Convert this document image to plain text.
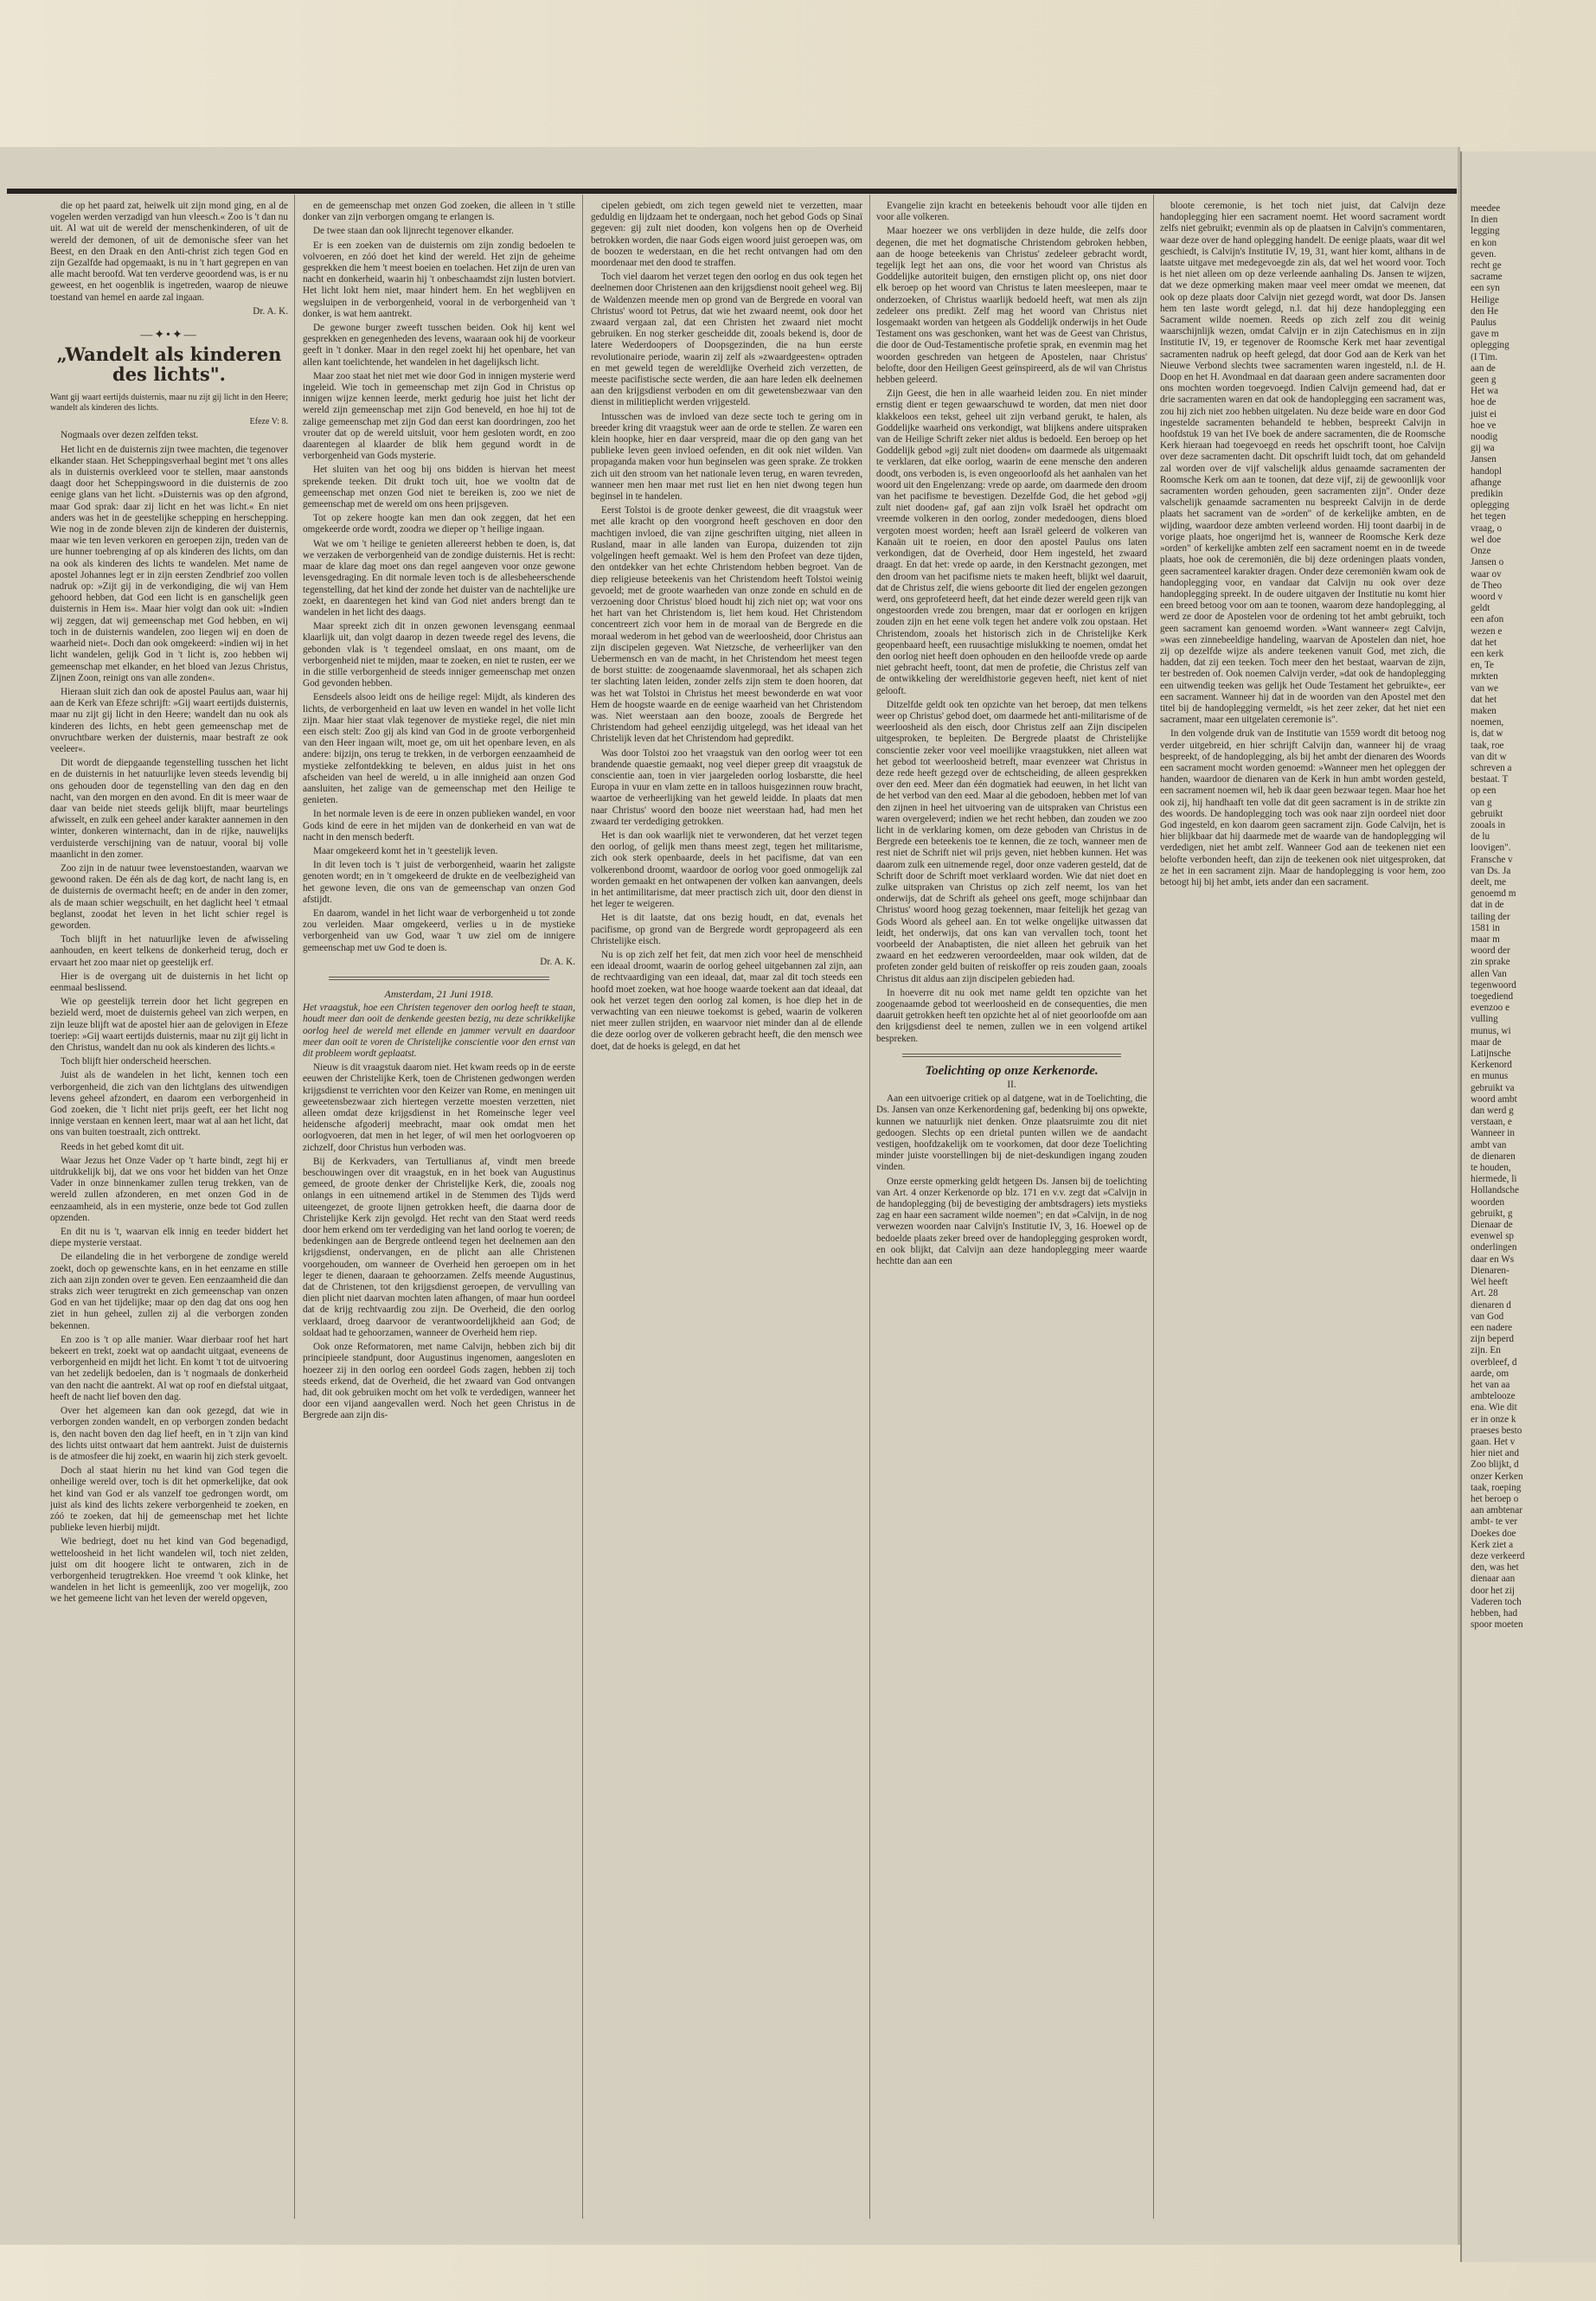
die op het paard zat, heiwelk uit zijn mond ging, en al de vogelen werden verzadigd van hun vleesch.« Zoo is 't dan nu uit. Al wat uit de wereld der menschenkinderen, of uit de wereld der demonen, of uit de demonische sfeer van het Beest, en den Draak en den Anti-christ zich tegen God en zijn Gezalfde had opgemaakt, is nu in 't hart gegrepen en van alle macht beroofd. Wat ten verderve geoordend was, is er nu geweest, en het oogenblik is ingetreden, waarop de nieuwe toestand van hemel en aarde zal ingaan.

Dr. A. K.

—✦•✦—
„Wandelt als kinderen des lichts".

Want gij waart eertijds duisternis, maar nu zijt gij licht in den Heere; wandelt als kinderen des lichts.

Efeze V: 8.

Nogmaals over dezen zelfden tekst.

Het licht en de duisternis zijn twee machten, die tegenover elkander staan. Het Scheppingsverhaal begint met 't ons alles als in duisternis overkleed voor te stellen, maar aanstonds daagt door het Scheppingswoord in die duisternis de zoo eenige glans van het licht. »Duisternis was op den afgrond, maar God sprak: daar zij licht en het was licht.« En niet anders was het in de geestelijke schepping en herschepping. Wie nog in de zonde bleven zijn de kinderen der duisternis, maar wie ten leven verkoren en geroepen zijn, treden van de ure hunner toebrenging af op als kinderen des lichts, om dan na ook als kinderen des lichts te wandelen. Met name de apostel Johannes legt er in zijn eersten Zendbrief zoo vollen nadruk op: »Zijt gij in de verkondiging, die wij van Hem gehoord hebben, dat God een licht is en ganschelijk geen duisternis in Hem is«. Maar hier volgt dan ook uit: »Indien wij zeggen, dat wij gemeenschap met God hebben, en wij toch in de duisternis wandelen, zoo liegen wij en doen de waarheid niet«. Doch dan ook omgekeerd: »indien wij in het licht wandelen, gelijk God in 't licht is, zoo hebben wij gemeenschap met elkander, en het bloed van Jezus Christus, Zijnen Zoon, reinigt ons van alle zonden«.

Hieraan sluit zich dan ook de apostel Paulus aan, waar hij aan de Kerk van Efeze schrijft: »Gij waart eertijds duisternis, maar nu zijt gij licht in den Heere; wandelt dan nu ook als kinderen des lichts, en hebt geen gemeenschap met de onvruchtbare werken der duisternis, maar bestraft ze ook veeleer«.

Dit wordt de diepgaande tegenstelling tusschen het licht en de duisternis in het natuurlijke leven steeds levendig bij ons gehouden door de tegenstelling van den dag en den nacht, van den morgen en den avond. En dit is meer waar de daar van beide niet steeds gelijk blijft, maar beurtelings afwisselt, en zulk een geheel ander karakter aannemen in den winter, donkeren winternacht, dan in de rijke, nauwelijks verduisterde verschijning van de natuur, vooral bij volle maanlicht in den zomer.

Zoo zijn in de natuur twee levenstoestanden, waarvan we gewoond raken. De één als de dag kort, de nacht lang is, en de duisternis de overmacht heeft; en de ander in den zomer, als de maan schier wegschuilt, en het daglicht heel 't etmaal beglanst, zoodat het leven in het licht schier regel is geworden.

Toch blijft in het natuurlijke leven de afwisseling aanhouden, en keert telkens de donkerheid terug, doch er ervaart het zoo maar niet op geestelijk erf.

Hier is de overgang uit de duisternis in het licht op eenmaal beslissend.

Wie op geestelijk terrein door het licht gegrepen en bezield werd, moet de duisternis geheel van zich werpen, en zijn leuze blijft wat de apostel hier aan de gelovigen in Efeze toeriep: »Gij waart eertijds duisternis, maar nu zijt gij licht in den Christus, wandelt dan nu ook als kinderen des lichts.«

Toch blijft hier onderscheid heerschen.

Juist als de wandelen in het licht, kennen toch een verborgenheid, die zich van den lichtglans des uitwendigen levens geheel afzondert, en daarom een verborgenheid in God zoeken, die 't licht niet prijs geeft, eer het licht nog innige verstaan en kennen leert, maar wat al aan het licht, dat ons van buiten toestraalt, zich onttrekt.

Reeds in het gebed komt dit uit.

Waar Jezus het Onze Vader op 't harte bindt, zegt hij er uitdrukkelijk bij, dat we ons voor het bidden van het Onze Vader in onze binnenkamer zullen terug trekken, van de wereld zullen afzonderen, en met onzen God in de eenzaamheid, als in een mysterie, onze bede tot God zullen opzenden.

En dit nu is 't, waarvan elk innig en teeder biddert het diepe mysterie verstaat.

De eilandeling die in het verborgene de zondige wereld zoekt, doch op gewenschte kans, en in het eenzame en stille zich aan zijn zonden over te geven. Een eenzaamheid die dan straks zich weer terugtrekt en zich gemeenschap van onzen God en van het tijdelijke; maar op den dag dat ons oog hen ziet in hun geheel, zullen zij al die verborgen zonden bekennen.

En zoo is 't op alle manier. Waar dierbaar roof het hart bekeert en trekt, zoekt wat op aandacht uitgaat, eveneens de verborgenheid en mijdt het licht. En komt 't tot de uitvoering van het zedelijk bedoelen, dan is 't nogmaals de donkerheid van den nacht die aantrekt. Al wat op roof en diefstal uitgaat, heeft de nacht lief boven den dag.

Over het algemeen kan dan ook gezegd, dat wie in verborgen zonden wandelt, en op verborgen zonden bedacht is, den nacht boven den dag lief heeft, en in 't zijn van kind des lichts uitst ontwaart dat hem aantrekt. Juist de duisternis is de atmosfeer die hij zoekt, en waarin hij zich sterk gevoelt.

Doch al staat hierin nu het kind van God tegen die onheilige wereld over, toch is dit het opmerkelijke, dat ook het kind van God er als vanzelf toe gedrongen wordt, om juist als kind des lichts zekere verborgenheid te zoeken, en zóó te zoeken, dat hij de gemeenschap met het lichte publieke leven hierbij mijdt.

Wie bedriegt, doet nu het kind van God begenadigd, wetteloosheid in het licht wandelen wil, toch niet zelden, juist om dit hoogere licht te ontwaren, zich in de verborgenheid terugtrekken. Hoe vreemd 't ook klinke, het wandelen in het licht is gemeenlijk, zoo ver mogelijk, zoo we het gemeene licht van het leven der wereld opgeven,

en de gemeenschap met onzen God zoeken, die alleen in 't stille donker van zijn verborgen omgang te erlangen is.

De twee staan dan ook lijnrecht tegenover elkander.

Er is een zoeken van de duisternis om zijn zondig bedoelen te volvoeren, en zóó doet het kind der wereld. Het zijn de geheime gesprekken die hem 't meest boeien en toelachen. Het zijn de uren van nacht en donkerheid, waarin hij 't onbeschaamdst zijn lusten botviert. Het licht lokt hem niet, maar hindert hem. En het wegblijven en wegsluipen in de verborgenheid, vooral in de verborgenheid van 't donker, is wat hem aantrekt.

De gewone burger zweeft tusschen beiden. Ook hij kent wel gesprekken en genegenheden des levens, waaraan ook hij de voorkeur geeft in 't donker. Maar in den regel zoekt hij het openbare, het van allen kant toelichtende, het wandelen in het dagelijksch licht.

Maar zoo staat het niet met wie door God in innigen mysterie werd ingeleid. Wie toch in gemeenschap met zijn God in Christus op innigen wijze kennen leerde, merkt gedurig hoe juist het licht der wereld zijn gemeenschap met zijn God beneveld, en hoe hij tot de zalige gemeenschap met zijn God dan eerst kan doordringen, zoo het vrouter dat op de wereld uitsluit, voor hem gesloten wordt, en zoo daarentegen al klaarder de blik hem gegund wordt in de verborgenheid van Gods mysterie.

Het sluiten van het oog bij ons bidden is hiervan het meest sprekende teeken. Dit drukt toch uit, hoe we vooltn dat de gemeenschap met onzen God niet te bereiken is, zoo we niet de gemeenschap met de wereld om ons heen prijsgeven.

Tot op zekere hoogte kan men dan ook zeggen, dat het een omgekeerde orde wordt, zoodra we dieper op 't heilige ingaan.

Wat we om 't heilige te genieten allereerst hebben te doen, is, dat we verzaken de verborgenheid van de zondige duisternis. Het is recht: maar de klare dag moet ons dan regel aangeven voor onze gewone levensgedraging. En dit normale leven toch is de allesbeheerschende tegenstelling, dat het kind der zonde het duister van de nachtelijke ure zoekt, en daarentegen het kind van God niet anders brengt dan te wandelen in het licht des daags.

Maar spreekt zich dit in onzen gewonen levensgang eenmaal klaarlijk uit, dan volgt daarop in dezen tweede regel des levens, die gebonden vlak is 't tegendeel omslaat, en ons maant, om de verborgenheid niet te mijden, maar te zoeken, en niet te rusten, eer we in die stille verborgenheid de steeds inniger gemeenschap met onzen God gevonden hebben.

Eensdeels alsoo leidt ons de heilige regel: Mijdt, als kinderen des lichts, de verborgenheid en laat uw leven en wandel in het volle licht zijn. Maar hier staat vlak tegenover de mystieke regel, die niet min een eisch stelt: Zoo gij als kind van God in de groote verborgenheid van den Heer ingaan wilt, moet ge, om uit het openbare leven, en als andere: bijzijn, ons terug te trekken, in de verborgen eenzaamheid de mystieke zelfontdekking te beleven, en aldus juist in het ons afscheiden van heel de wereld, u in alle innigheid aan onzen God aansluiten, het zalige van de gemeenschap met den Heilige te genieten.

In het normale leven is de eere in onzen publieken wandel, en voor Gods kind de eere in het mijden van de donkerheid en van wat de nacht in den mensch bederft.

Maar omgekeerd komt het in 't geestelijk leven.

In dit leven toch is 't juist de verborgenheid, waarin het zaligste genoten wordt; en in 't omgekeerd de drukte en de veelbezigheid van het gewone leven, die ons van de gemeenschap van onzen God afstijdt.

En daarom, wandel in het licht waar de verborgenheid u tot zonde zou verleiden. Maar omgekeerd, verlies u in de mystieke verborgenheid van uw God, waar 't uw ziel om de innigere gemeenschap met uw God te doen is.

Dr. A. K.

Amsterdam, 21 Juni 1918.

Het vraagstuk, hoe een Christen tegenover den oorlog heeft te staan, houdt meer dan ooit de denkende geesten bezig, nu deze schrikkelijke oorlog heel de wereld met ellende en jammer vervult en daardoor meer dan ooit te voren de Christelijke conscientie voor den ernst van dit probleem wordt geplaatst.

Nieuw is dit vraagstuk daarom niet. Het kwam reeds op in de eerste eeuwen der Christelijke Kerk, toen de Christenen gedwongen werden krijgsdienst te verrichten voor den Keizer van Rome, en meningen uit geweetensbezwaar zich hiertegen verzette moesten verzetten, niet alleen omdat deze krijgsdienst in het Romeinsche leger veel heidensche afgoderij meebracht, maar ook omdat men het oorlogvoeren, dat men in het leger, of wil men het oorlogvoeren op zichzelf, door Christus hun verboden was.

Bij de Kerkvaders, van Tertullianus af, vindt men breede beschouwingen over dit vraagstuk, en in het boek van Augustinus gemeed, de groote denker der Christelijke Kerk, die, zooals nog onlangs in een uitnemend artikel in de Stemmen des Tijds werd uiteengezet, de groote lijnen getrokken heeft, die daarna door de Christelijke Kerk zijn gevolgd. Het recht van den Staat werd reeds door hem erkend om ter verdediging van het land oorlog te voeren; de bedenkingen aan de Bergrede ontleend tegen het deelnemen aan den krijgsdienst, ondervangen, en de plicht aan alle Christenen voorgehouden, om wanneer de Overheid hen geroepen om in het leger te dienen, daaraan te gehoorzamen. Zelfs meende Augustinus, dat de Christenen, tot den krijgsdienst geroepen, de vervulling van dien plicht niet daarvan mochten laten afhangen, of maar hun oordeel dat de krijg rechtvaardig zou zijn. De Overheid, die den oorlog verklaard, droeg daarvoor de verantwoordelijkheid aan God; de soldaat had te gehoorzamen, wanneer de Overheid hem riep.

Ook onze Reformatoren, met name Calvijn, hebben zich bij dit principieele standpunt, door Augustinus ingenomen, aangesloten en hoezeer zij in den oorlog een oordeel Gods zagen, hebben zij toch steeds erkend, dat de Overheid, die het zwaard van God ontvangen had, dit ook gebruiken mocht om het volk te verdedigen, wanneer het door een vijand aangevallen werd. Noch het geen Christus in de Bergrede aan zijn dis-

cipelen gebiedt, om zich tegen geweld niet te verzetten, maar geduldig en lijdzaam het te ondergaan, noch het gebod Gods op Sinaï gegeven: gij zult niet dooden, kon volgens hen op de Overheid betrokken worden, die naar Gods eigen woord juist geroepen was, om de boozen te wederstaan, en die het recht ontvangen had om den moordenaar met den dood te straffen.

Toch viel daarom het verzet tegen den oorlog en dus ook tegen het deelnemen door Christenen aan den krijgsdienst nooit geheel weg. Bij de Waldenzen meende men op grond van de Bergrede en vooral van Christus' woord tot Petrus, dat wie het zwaard neemt, ook door het zwaard vergaan zal, dat een Christen het zwaard niet mocht gebruiken. En nog sterker gescheidde dit, zooals bekend is, door de latere Wederdoopers of Doopsgezinden, die na hun eerste revolutionaire periode, waarin zij zelf als »zwaardgeesten« optraden en met geweld tegen de wereldlijke Overheid zich verzetten, de meeste pacifistische secte werden, die aan hare leden elk deelnemen aan den krijgsdienst verboden en om dit gewetensbezwaar van den dienst in militieplicht werden vrijgesteld.

Intusschen was de invloed van deze secte toch te gering om in breeder kring dit vraagstuk weer aan de orde te stellen. Ze waren een klein hoopke, hier en daar verspreid, maar die op den gang van het publieke leven geen invloed oefenden, en dit ook niet wilden. Van propaganda maken voor hun beginselen was geen sprake. Ze trokken zich uit den stroom van het nationale leven terug, en waren tevreden, wanneer men hen maar met rust liet en hen niet dwong tegen hun beginsel in te handelen.

Eerst Tolstoi is de groote denker geweest, die dit vraagstuk weer met alle kracht op den voorgrond heeft geschoven en door den machtigen invloed, die van zijne geschriften uitging, niet alleen in Rusland, maar in alle landen van Europa, duizenden tot zijn volgelingen heeft gemaakt. Wel is hem den Profeet van deze tijden, den ontdekker van het echte Christendom hebben begroet. Van de diep religieuse beteekenis van het Christendom heeft Tolstoi weinig gevoeld; met de groote waarheden van onze zonde en schuld en de verzoening door Christus' bloed houdt hij zich niet op; wat voor ons het hart van het Christendom is, liet hem koud. Het Christendom concentreert zich voor hem in de moraal van de Bergrede en die moraal wederom in het gebod van de weerloosheid, door Christus aan zijn discipelen gegeven. Wat Nietzsche, de verheerlijker van den Uebermensch en van de macht, in het Christendom het meest tegen de borst stuitte: de zoogenaamde slavenmoraal, het als schapen zich ter slachting laten leiden, zonder zelfs zijn stem te doen hooren, dat was het wat Tolstoi in Christus het meest bewonderde en wat voor Hem de hoogste waarde en de eenige waarheid van het Christendom was. Niet weerstaan aan den booze, zooals de Bergrede het Christendom had geheel eenzijdig uitgelegd, was het ideaal van het Christelijk leven dat het Christendom had gepredikt.

Was door Tolstoi zoo het vraagstuk van den oorlog weer tot een brandende quaestie gemaakt, nog veel dieper greep dit vraagstuk de conscientie aan, toen in vier jaargeleden oorlog losbarstte, die heel Europa in vuur en vlam zette en in talloos huisgezinnen rouw bracht, waartoe de verheerlijking van het geweld leidde. In plaats dat men naar Christus' woord den booze niet weerstaan had, had men het zwaard ter verdediging getrokken.

Het is dan ook waarlijk niet te verwonderen, dat het verzet tegen den oorlog, of gelijk men thans meest zegt, tegen het militarisme, zich ook sterk openbaarde, deels in het pacifisme, dat van een volkerenbond droomt, waardoor de oorlog voor goed onmogelijk zal worden gemaakt en het ontwapenen der volken kan aanvangen, deels in het antimilitarisme, dat meer practisch zich uit, door den dienst in het leger te weigeren.

Het is dit laatste, dat ons bezig houdt, en dat, evenals het pacifisme, op grond van de Bergrede wordt gepropageerd als een Christelijke eisch.

Nu is op zich zelf het feit, dat men zich voor heel de menschheid een ideaal droomt, waarin de oorlog geheel uitgebannen zal zijn, aan de rechtvaardiging van een ideaal, dat, maar zal dit toch steeds een hoofd moet zoeken, wat hoe hooge waarde toekent aan dat ideaal, dat ook het verzet tegen den oorlog zal komen, is hoe diep het in de verwachting van een nieuwe toekomst is gebed, waarin de volkeren niet meer zullen strijden, en waarvoor niet minder dan al de ellende die deze oorlog over de volkeren gebracht heeft, die den mensch wee doet, dat de hoeks is gelegd, en dat het

Evangelie zijn kracht en beteekenis behoudt voor alle tijden en voor alle volkeren.

Maar hoezeer we ons verblijden in deze hulde, die zelfs door degenen, die met het dogmatische Christendom gebroken hebben, aan de hooge beteekenis van Christus' zedeleer gebracht wordt, tegelijk legt het aan ons, die voor het woord van Christus als Goddelijke autoriteit buigen, den ernstigen plicht op, ons niet door elk beroep op het woord van Christus te laten meesleepen, maar te onderzoeken, of Christus waarlijk bedoeld heeft, wat men als zijn zedeleer ons predikt. Zelf mag het woord van Christus niet losgemaakt worden van hetgeen als Goddelijk onderwijs in het Oude Testament ons was geschonken, want het was de Geest van Christus, die door de Oud-Testamentische profetie sprak, en evenmin mag het woorden geschreden van hetgeen de Apostelen, naar Christus' belofte, door den Heiligen Geest geïnspireerd, als de wil van Christus hebben geleerd.

Zijn Geest, die hen in alle waarheid leiden zou. En niet minder ernstig dient er tegen gewaarschuwd te worden, dat men niet door klakkeloos een tekst, geheel uit zijn verband gerukt, te halen, als Goddelijke waarheid ons verkondigt, wat blijkens andere uitspraken van de Heilige Schrift zeker niet aldus is bedoeld. Een beroep op het Goddelijk gebod »gij zult niet dooden« om daarmede als uitgemaakt te verklaren, dat elke oorlog, waarin de eene mensche den anderen doodt, ons verboden is, is even ongeoorloofd als het aanhalen van het woord uit den Engelenzang: vrede op aarde, om daarmede den droom van het pacifisme te bevestigen. Dezelfde God, die het gebod »gij zult niet dooden« gaf, gaf aan zijn volk Israël het opdracht om vreemde volkeren in den oorlog, zonder mededoogen, diens bloed vergoten moest worden; heeft aan Israël geleerd de volkeren van Kanaän uit te roeien, en door den apostel Paulus ons laten verkondigen, dat de Overheid, door Hem ingesteld, het zwaard draagt. En dat het: vrede op aarde, in den Kerstnacht gezongen, met den droom van het pacifisme niets te maken heeft, blijkt wel daaruit, dat de Christus zelf, die wiens geboorte dit lied der engelen gezongen werd, ons geprofeteerd heeft, dat het einde dezer wereld geen rijk van ongestoorden vrede zou brengen, maar dat er oorlogen en krijgen zouden zijn en het eene volk tegen het andere volk zou opstaan. Het Christendom, zooals het historisch zich in de Christelijke Kerk geopenbaard heeft, een ruusachtige mislukking te noemen, omdat het den oorlog niet heeft doen ophouden en den heiloofde vrede op aarde niet gebracht heeft, toont, dat men de profetie, die Christus zelf van de ontwikkeling der wereldhistorie gegeven heeft, niet kent of niet gelooft.

Ditzelfde geldt ook ten opzichte van het beroep, dat men telkens weer op Christus' gebod doet, om daarmede het anti-militarisme of de weerloosheid als den eisch, door Christus zelf aan Zijn discipelen uitgesproken, te bepleiten. De Bergrede plaatst de Christelijke conscientie zeker voor veel moeilijke vraagstukken, niet alleen wat het gebod tot weerloosheid betreft, maar evenzeer wat Christus in deze rede heeft gezegd over de echtscheiding, de alleen gesprekken over den eed. Meer dan één dogmatiek had eeuwen, in het licht van de het verbod van den eed. Maar al die gebodoen, hebben met lof van den zijnen in heel het uitvoering van de uitspraken van Christus een waren overgeleverd; indien we het recht hebben, dan zouden we zoo licht in de verklaring komen, om deze geboden van Christus in de Bergrede een beteekenis toe te kennen, die ze toch, wanneer men de rest niet de Schrift niet wil prijs geven, niet hebben kunnen. Het was daarom zulk een uitnemende regel, door onze vaderen gesteld, dat de Schrift door de Schrift moet verklaard worden. Wie dat niet doet en zulke uitspraken van Christus op zich zelf neemt, los van het onderwijs, dat de Schrift als geheel ons geeft, moge schijnbaar dan Christus' woord hoog gezag toekennen, maar feitelijk het gezag van Gods Woord als geheel aan. En tot welke ongelijke uitwassen dat leidt, het onderwijs, dat ons kan van vervallen toch, toont het voorbeeld der Anabaptisten, die niet alleen het gebruik van het zwaard en het eedzweren veroordeelden, maar ook wilden, dat de profeten zonder geld buiten of reiskoffer op reis zouden gaan, zooals Christus dit aldus aan zijn discipelen gebieden had.

In hoeverre dit nu ook met name geldt ten opzichte van het zoogenaamde gebod tot weerloosheid en de consequenties, die men daaruit getrokken heeft ten opzichte het al of niet geoorloofde om aan den krijgsdienst deel te nemen, zullen we in een volgend artikel bespreken.

Toelichting op onze Kerkenorde.

II.

Aan een uitvoerige critiek op al datgene, wat in de Toelichting, die Ds. Jansen van onze Kerkenordening gaf, bedenking bij ons opwekte, kunnen we natuurlijk niet denken. Onze plaatsruimte zou dit niet gedoogen. Slechts op een drietal punten willen we de aandacht vestigen, hoofdzakelijk om te voorkomen, dat door deze Toelichting minder juiste voorstellingen bij de niet-deskundigen ingang zouden vinden.

Onze eerste opmerking geldt hetgeen Ds. Jansen bij de toelichting van Art. 4 onzer Kerkenorde op blz. 171 en v.v. zegt dat »Calvijn in de handoplegging (bij de bevestiging der ambtsdragers) iets mystieks zag en haar een sacrament wilde noemen"; en dat »Calvijn, in de nog verwezen woorden naar Calvijn's Institutie IV, 3, 16. Hoewel op de bedoelde plaats zeker breed over de handoplegging gesproken wordt, en ook blijkt, dat Calvijn aan deze handoplegging meer waarde hechtte dan aan een

bloote ceremonie, is het toch niet juist, dat Calvijn deze handoplegging hier een sacrament noemt. Het woord sacrament wordt zelfs niet gebruikt; evenmin als op de plaatsen in Calvijn's commentaren, waar deze over de hand oplegging handelt. De eenige plaats, waar dit wel geschiedt, is Calvijn's Institutie IV, 19, 31, want hier komt, althans in de laatste uitgave met medegevoegde zin als, dat wel het woord voor. Toch is het niet alleen om op deze verleende aanhaling Ds. Jansen te wijzen, dat we deze opmerking maken maar veel meer omdat we meenen, dat ook op deze plaats door Calvijn niet gezegd wordt, wat door Ds. Jansen hem ten laste wordt gelegd, n.l. dat hij deze handoplegging een Sacrament wilde noemen. Reeds op zich zelf zou dit weinig waarschijnlijk wezen, omdat Calvijn er in zijn Catechismus en in zijn Institutie IV, 19, er tegenover de Roomsche Kerk met haar zeventigal sacramenten nadruk op heeft gelegd, dat door God aan de Kerk van het Nieuwe Verbond slechts twee sacramenten waren ingesteld, n.l. de H. Doop en het H. Avondmaal en dat daaraan geen andere sacramenten door ons mochten worden toegevoegd. Indien Calvijn gemeend had, dat er drie sacramenten waren en dat ook de handoplegging een sacrament was, zou hij zich niet zoo hebben uitgelaten. Nu deze beide ware en door God ingestelde sacramenten behandeld te hebben, bespreekt Calvijn in hoofdstuk 19 van het IVe boek de andere sacramenten, die de Roomsche Kerk hieraan had toegevoegd en reeds het opschrift toont, hoe Calvijn over deze sacramenten dacht. Dit opschrift luidt toch, dat om gehandeld zal worden over de vijf valschelijk aldus genaamde sacramenten der Roomsche Kerk om aan te toonen, dat deze vijf, zij de gewoonlijk voor sacramenten worden gehouden, geen sacramenten zijn". Onder deze valschelijk genaamde sacramenten nu bespreekt Calvijn in de derde plaats het sacrament van de »orden" of de kerkelijke ambten, en de wijding, waardoor deze ambten verleend worden. Hij toont daarbij in de vorige plaats, hoe ongerijmd het is, wanneer de Roomsche Kerk deze »orden" of kerkelijke ambten zelf een sacrament noemt en in de tweede plaats, hoe ook de ceremoniën, die bij deze ordeningen plaats vonden, geen sacramenteel karakter dragen. Onder deze ceremoniën kwam ook de handoplegging voor, en vandaar dat Calvijn nu ook over deze handoplegging spreekt. In de oudere uitgaven der Institutie nu komt hier een breed betoog voor om aan te toonen, waarom deze handoplegging, al werd ze door de Apostelen voor de ordening tot het ambt gebruikt, toch geen sacrament kan genoemd worden. »Want wanneer« zegt Calvijn, »was een zinnebeeldige handeling, waarvan de Apostelen dan niet, hoe zij op dezelfde wijze als andere teekenen vanuit God, met zich, die hadden, dat zij een teeken. Toch meer den het bestaat, waarvan de zijn, ter bestreden of. Ook noemen Calvijn verder, »dat ook de handoplegging een uitwendig teeken was gelijk het Oude Testament het gebruikte«, eer een sacrament. Wanneer hij dat in de woorden van den Apostel met den titel bij de handoplegging vermeldt, »is het zeer zeker, dat het niet een sacrament, maar een uitgelaten ceremonie is".

In den volgende druk van de Institutie van 1559 wordt dit betoog nog verder uitgebreid, en hier schrijft Calvijn dan, wanneer hij de vraag bespreekt, of de handoplegging, als bij het ambt der dienaren des Woords een sacrament mocht worden genoemd: »Wanneer men het opleggen der handen, waardoor de dienaren van de Kerk in hun ambt worden gesteld, een sacrament noemen wil, heb ik daar geen bezwaar tegen. Maar hoe het ook zij, hij handhaaft ten volle dat dit geen sacrament is in de strikte zin des woords. De handoplegging toch was ook naar zijn oordeel niet door God ingesteld, en kon daarom geen sacrament zijn. Gode Calvijn, het is hier blijkbaar dat hij daarmede met de waarde van de handoplegging wil verdedigen, niet het ambt zelf. Wanneer God aan de teekenen niet een belofte verbonden heeft, dan zijn de teekenen ook niet uitgesproken, dat ze het in een sacrament zijn. Maar de handoplegging is voor hem, zoo betoogt hij bij het ambt, iets ander dan een sacrament.

meedee
In dien
legging
en kon
geven.
recht ge
sacrame
een syn
Heilige
den He
Paulus
gave m
oplegging
(I Tim.
aan de
geen g
Het wa
hoe de
juist ei
hoe ve
noodig
gij wa
Jansen
handopl
afhange
predikin
oplegging
het tegen
vraag, o
wel doe
Onze
Jansen o
waar ov
de Theo
woord v
geldt
een afon
wezen e
dat het
een kerk
en, Te
mrkten
van we
dat het
maken
noemen,
is, dat w
taak, roe
van dit w
schreven a
bestaat. T
op een
van g
gebruikt
zooals in
de lu
loovigen".
Fransche v
van Ds. Ja
deelt, me
genoemd m
dat in de
tailing der
1581 in
maar m
woord der
zin sprake
allen Van
tegenwoord
toegediend
evenzoo e
vulling
munus, wi
maar de
Latijnsche
Kerkenord
en munus
gebruikt va
woord ambt
dan werd g
verstaan, e
Wanneer in
ambt van
de dienaren
te houden,
hiermede, li
Hollandsche
woorden
gebruikt, g
Dienaar de
evenwel sp
onderlingen
daar en Ws
Dienaren-
Wel heeft
Art. 28
dienaren d
van God
een nadere
zijn beperd
zijn. En
overbleef, d
aarde, om
het van aa
ambtelooze
ena. Wie dit
er in onze k
praeses besto
gaan. Het v
hier niet and
Zoo blijkt, d
onzer Kerken
taak, roeping
het beroep o
aan ambtenar
ambt- te ver
Doekes doe
Kerk ziet a
deze verkeerd
den, was het
dienaar aan
door het zij
Vaderen toch
hebben, had
spoor moeten
